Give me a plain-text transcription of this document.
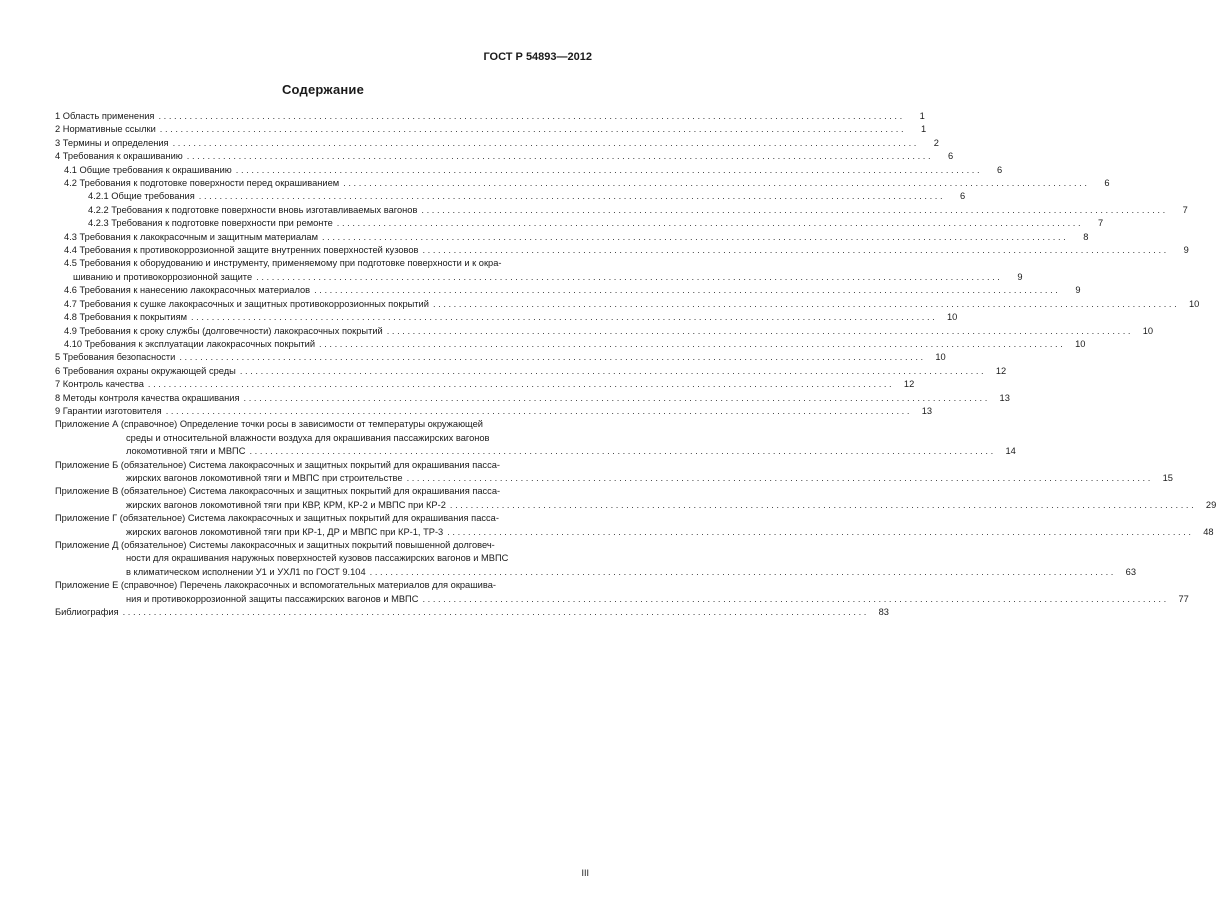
ГОСТ Р 54893—2012
Содержание
1 Область применения ................................................................................................................................................	1
2 Нормативные ссылки ................................................................................................................................................	1
3 Термины и определения ................................................................................................................................................	2
4 Требования к окрашиванию ................................................................................................................................................	6
4.1 Общие требования к окрашиванию ................................................................................................................................................	6
4.2 Требования к подготовке поверхности перед окрашиванием ................................................................................................................................................	6
4.2.1 Общие требования ................................................................................................................................................	6
4.2.2 Требования к подготовке поверхности вновь изготавливаемых вагонов ................................................................................................................................................	7
4.2.3 Требования к подготовке поверхности при ремонте ................................................................................................................................................	7
4.3 Требования к лакокрасочным и защитным материалам ................................................................................................................................................	8
4.4 Требования к противокоррозионной защите внутренних поверхностей кузовов ................................................................................................................................................	9
4.5 Требования к оборудованию и инструменту, применяемому при подготовке поверхности и к окра-
шиванию и противокоррозионной защите ................................................................................................................................................	9
4.6 Требования к нанесению лакокрасочных материалов ................................................................................................................................................	9
4.7 Требования к сушке лакокрасочных и защитных противокоррозионных покрытий ................................................................................................................................................	10
4.8 Требования к покрытиям ................................................................................................................................................	10
4.9 Требования к сроку службы (долговечности) лакокрасочных покрытий ................................................................................................................................................	10
4.10 Требования к эксплуатации лакокрасочных покрытий ................................................................................................................................................	10
5 Требования безопасности ................................................................................................................................................	10
6 Требования охраны окружающей среды ................................................................................................................................................	12
7 Контроль качества ................................................................................................................................................	12
8 Методы контроля качества окрашивания ................................................................................................................................................	13
9 Гарантии изготовителя ................................................................................................................................................	13
Приложение А (справочное) Определение точки росы в зависимости от температуры окружающей
среды и относительной влажности воздуха для окрашивания пассажирских вагонов
локомотивной тяги и МВПС ................................................................................................................................................	14
Приложение Б (обязательное) Система лакокрасочных и защитных покрытий для окрашивания пасса-
жирских вагонов локомотивной тяги и МВПС при строительстве ................................................................................................................................................	15
Приложение В (обязательное) Система лакокрасочных и защитных покрытий для окрашивания пасса-
жирских вагонов локомотивной тяги при КВР, КРМ, КР-2 и МВПС при КР-2 ................................................................................................................................................	29
Приложение Г (обязательное) Система лакокрасочных и защитных покрытий для окрашивания пасса-
жирских вагонов локомотивной тяги при КР-1, ДР и МВПС при КР-1, ТР-3 ................................................................................................................................................	48
Приложение Д (обязательное) Системы лакокрасочных и защитных покрытий повышенной долговеч-
ности для окрашивания наружных поверхностей кузовов пассажирских вагонов и МВПС
в климатическом исполнении У1 и УХЛ1 по ГОСТ 9.104 ................................................................................................................................................	63
Приложение Е (справочное) Перечень лакокрасочных и вспомогательных материалов для окрашива-
ния и противокоррозионной защиты пассажирских вагонов и МВПС ................................................................................................................................................	77
Библиография ................................................................................................................................................	83
III
